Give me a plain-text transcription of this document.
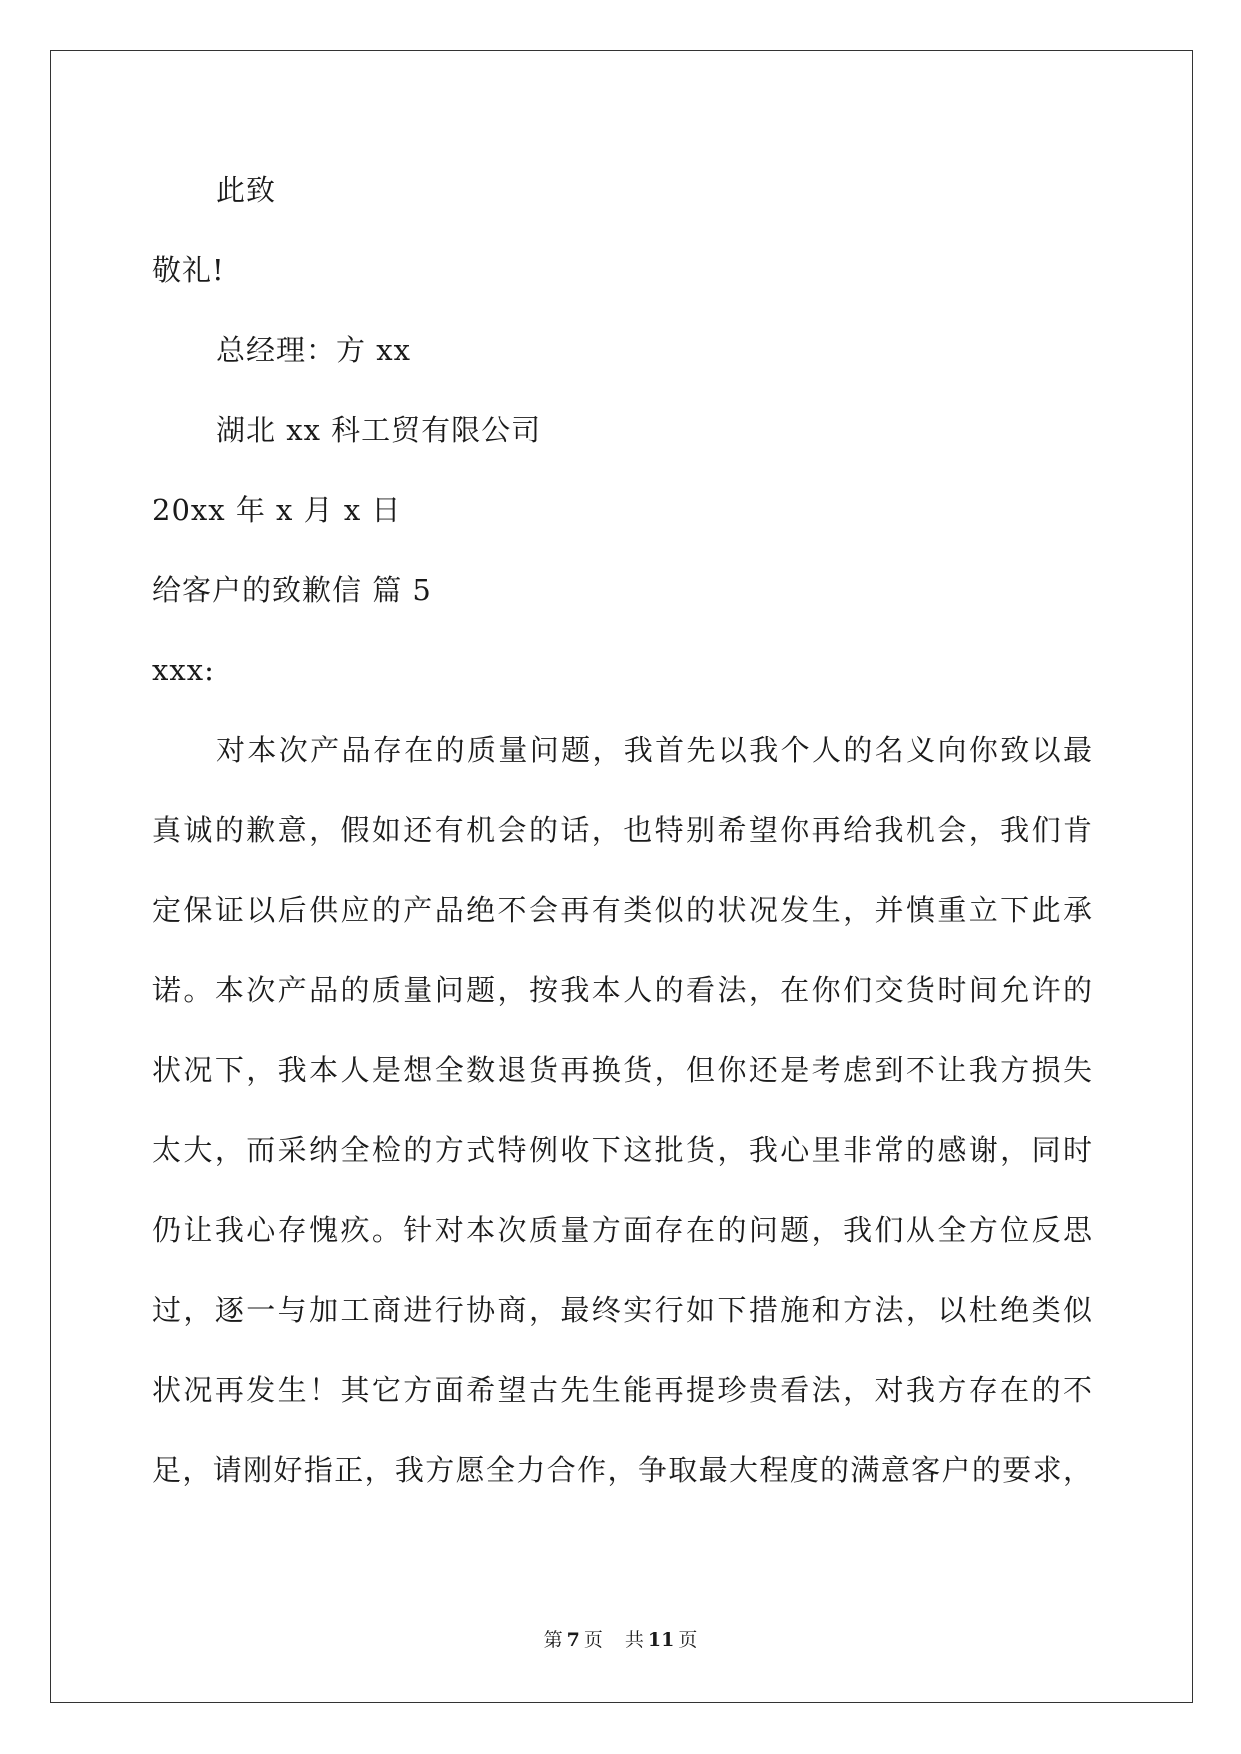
此致
敬礼!
总经理：方 xx
湖北 xx 科工贸有限公司
20xx 年 x 月 x 日
给客户的致歉信 篇 5
xxx:
对本次产品存在的质量问题，我首先以我个人的名义向你致以最
真诚的歉意，假如还有机会的话，也特别希望你再给我机会，我们肯
定保证以后供应的产品绝不会再有类似的状况发生，并慎重立下此承
诺。本次产品的质量问题，按我本人的看法，在你们交货时间允许的
状况下，我本人是想全数退货再换货，但你还是考虑到不让我方损失
太大，而采纳全检的方式特例收下这批货，我心里非常的感谢，同时
仍让我心存愧疚。针对本次质量方面存在的问题，我们从全方位反思
过，逐一与加工商进行协商，最终实行如下措施和方法，以杜绝类似
状况再发生！其它方面希望古先生能再提珍贵看法，对我方存在的不
足，请刚好指正，我方愿全力合作，争取最大程度的满意客户的要求，
第 7 页 共 11 页
